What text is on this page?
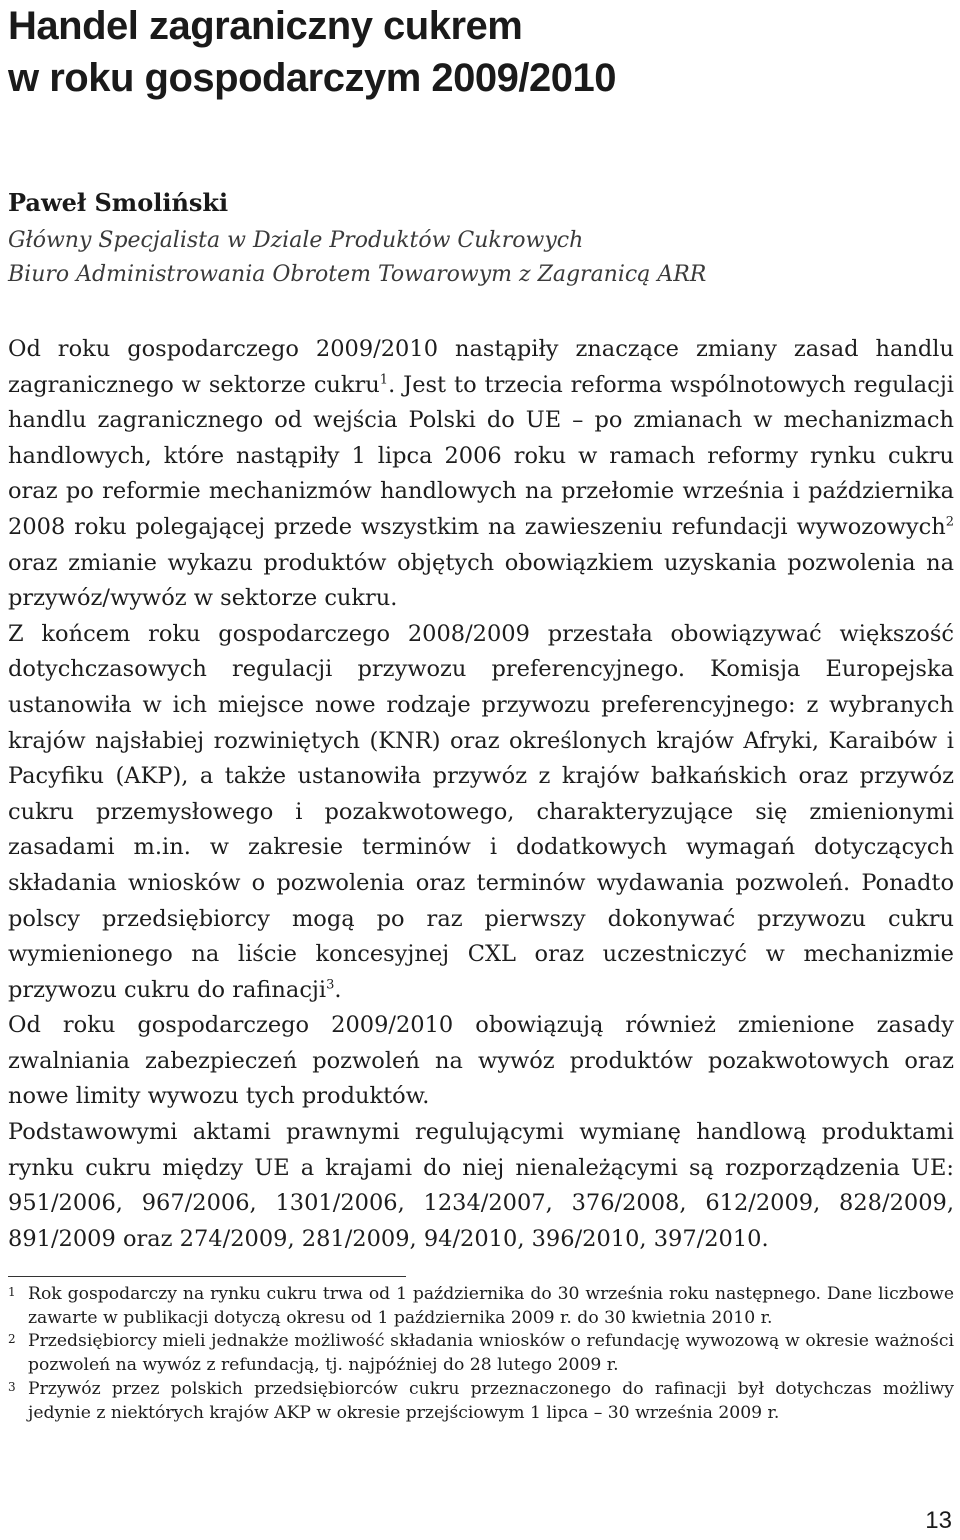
Handel zagraniczny cukrem
w roku gospodarczym 2009/2010
Paweł Smoliński
Główny Specjalista w Dziale Produktów Cukrowych
Biuro Administrowania Obrotem Towarowym z Zagranicą ARR

Od roku gospodarczego 2009/2010 nastąpiły znaczące zmiany zasad handlu zagranicznego w sektorze cukru$^1$. Jest to trzecia reforma wspólnotowych regulacji handlu zagranicznego od wejścia Polski do UE – po zmianach w mechanizmach handlowych, które nastąpiły 1 lipca 2006 roku w ramach reformy rynku cukru oraz po reformie mechanizmów handlowych na przełomie września i października 2008 roku polegającej przede wszystkim na zawieszeniu refundacji wywozowych$^2$ oraz zmianie wykazu produktów objętych obowiązkiem uzyskania pozwolenia na przywóz/wywóz w sektorze cukru.

Z końcem roku gospodarczego 2008/2009 przestała obowiązywać większość dotychczasowych regulacji przywozu preferencyjnego. Komisja Europejska ustanowiła w ich miejsce nowe rodzaje przywozu preferencyjnego: z wybranych krajów najsłabiej rozwiniętych (KNR) oraz określonych krajów Afryki, Karaibów i Pacyfiku (AKP), a także ustanowiła przywóz z krajów bałkańskich oraz przywóz cukru przemysłowego i pozakwotowego, charakteryzujące się zmienionymi zasadami m.in. w zakresie terminów i dodatkowych wymagań dotyczących składania wniosków o pozwolenia oraz terminów wydawania pozwoleń. Ponadto polscy przedsiębiorcy mogą po raz pierwszy dokonywać przywozu cukru wymienionego na liście koncesyjnej CXL oraz uczestniczyć w mechanizmie przywozu cukru do rafinacji$^3$.

Od roku gospodarczego 2009/2010 obowiązują również zmienione zasady zwalniania zabezpieczeń pozwoleń na wywóz produktów pozakwotowych oraz nowe limity wywozu tych produktów.

Podstawowymi aktami prawnymi regulującymi wymianę handlową produktami rynku cukru między UE a krajami do niej nienależącymi są rozporządzenia UE: 951/2006, 967/2006, 1301/2006, 1234/2007, 376/2008, 612/2009, 828/2009, 891/2009 oraz 274/2009, 281/2009, 94/2010, 396/2010, 397/2010.

1 Rok gospodarczy na rynku cukru trwa od 1 października do 30 września roku następnego. Dane liczbowe zawarte w publikacji dotyczą okresu od 1 października 2009 r. do 30 kwietnia 2010 r.
2 Przedsiębiorcy mieli jednakże możliwość składania wniosków o refundację wywozową w okresie ważności pozwoleń na wywóz z refundacją, tj. najpóźniej do 28 lutego 2009 r.
3 Przywóz przez polskich przedsiębiorców cukru przeznaczonego do rafinacji był dotychczas możliwy jedynie z niektórych krajów AKP w okresie przejściowym 1 lipca – 30 września 2009 r.
13
